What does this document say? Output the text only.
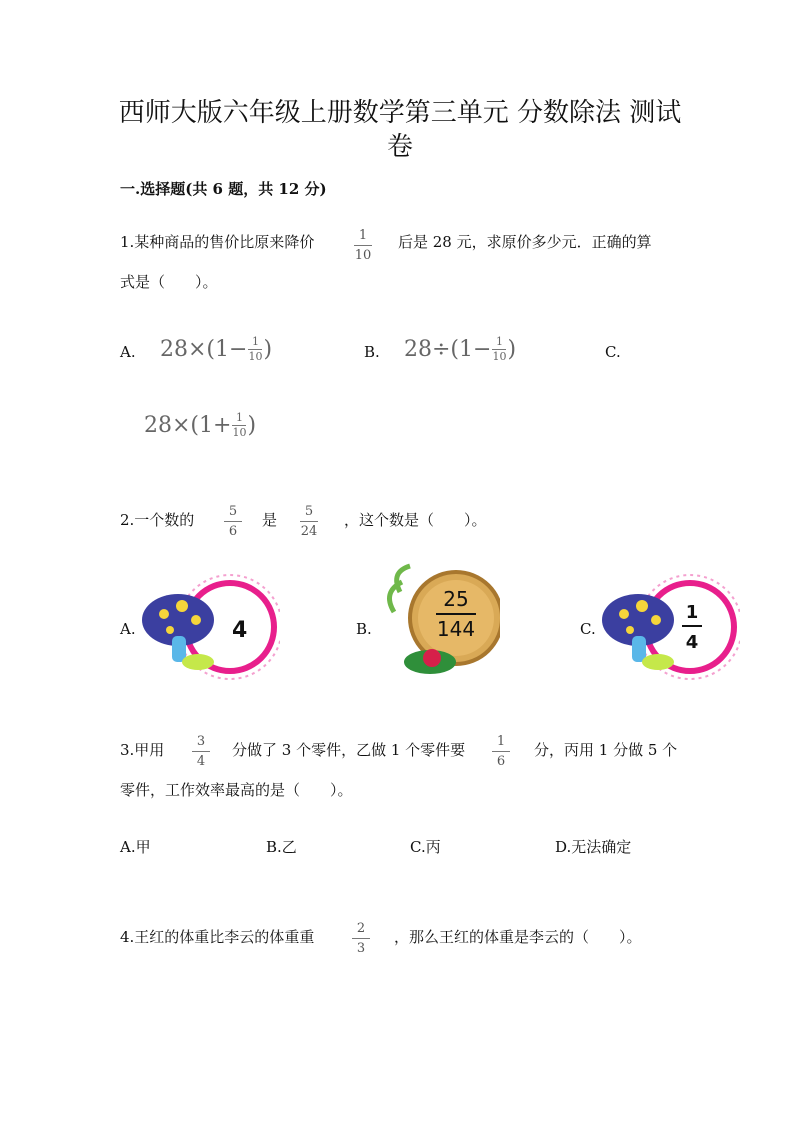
西师大版六年级上册数学第三单元 分数除法 测试
卷
一.选择题(共 6 题，共 12 分)
1.某种商品的售价比原来降价	1
10
后是 28 元，求原价多少元．正确的算
式是（　　）。
A. 28×(1− 1
10 )	B. 28÷(1− 1
10 )	C.
28×(1+ 1
10 )
2.一个数的	5
6
是 5
24
，这个数是（　　）。
A.	4	B.
25
144	C.
1
4
3.甲用	3
4
分做了 3 个零件，乙做 1 个零件要 1
6
分，丙用 1 分做 5 个
零件，工作效率最高的是（　　）。
A.甲	B.乙	C.丙	D.无法确定
4.王红的体重比李云的体重重	2
3
，那么王红的体重是李云的（　　）。
